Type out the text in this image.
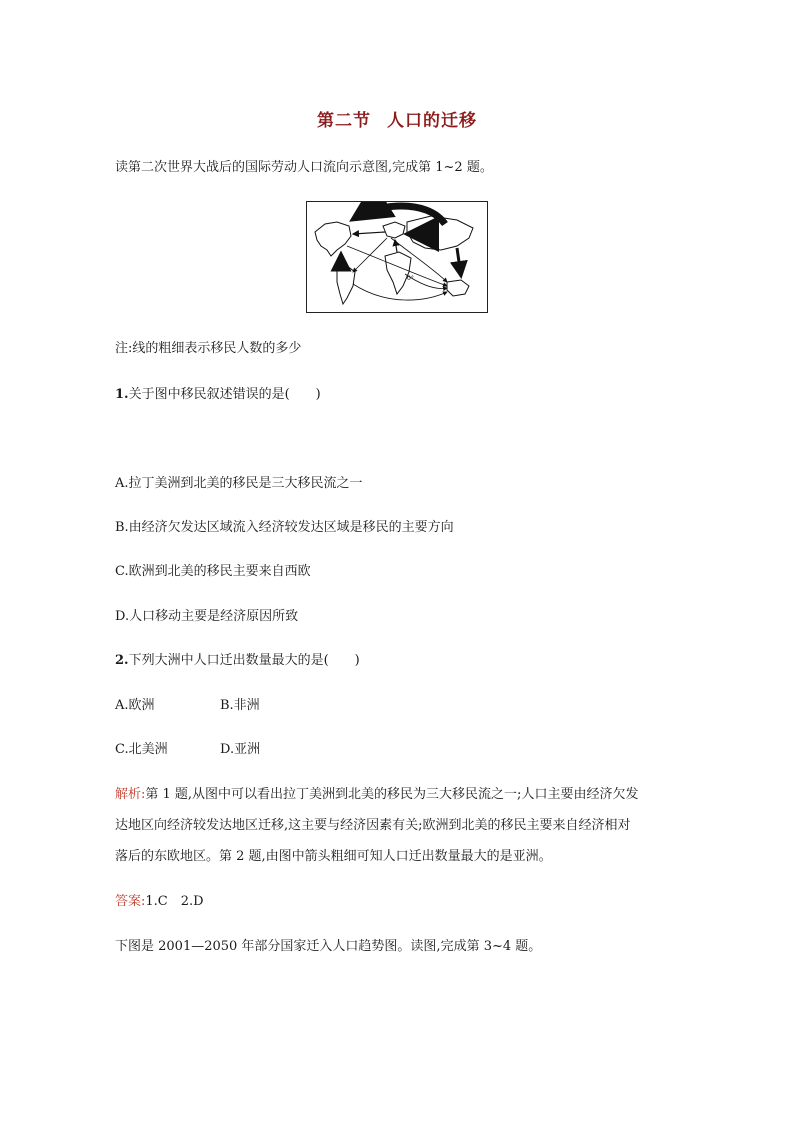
第二节 人口的迁移
读第二次世界大战后的国际劳动人口流向示意图,完成第 1~2 题。
0°
注:线的粗细表示移民人数的多少
1.关于图中移民叙述错误的是(　　)
A.拉丁美洲到北美的移民是三大移民流之一
B.由经济欠发达区域流入经济较发达区域是移民的主要方向
C.欧洲到北美的移民主要来自西欧
D.人口移动主要是经济原因所致
2.下列大洲中人口迁出数量最大的是(　　)
A.欧洲	B.非洲
C.北美洲	D.亚洲
解析:第 1 题,从图中可以看出拉丁美洲到北美的移民为三大移民流之一;人口主要由经济欠发
达地区向经济较发达地区迁移,这主要与经济因素有关;欧洲到北美的移民主要来自经济相对
落后的东欧地区。第 2 题,由图中箭头粗细可知人口迁出数量最大的是亚洲。
答案:1.C　2.D
下图是 2001—2050 年部分国家迁入人口趋势图。读图,完成第 3~4 题。
